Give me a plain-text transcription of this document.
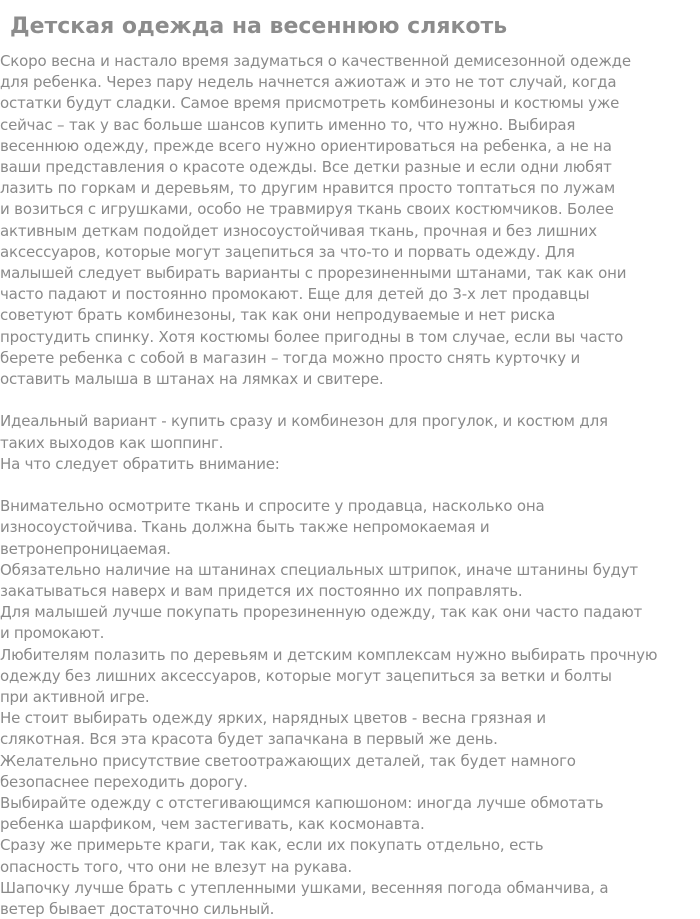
Детская одежда на весеннюю слякоть

Скоро весна и настало время задуматься о качественной демисезонной одежде
для ребенка. Через пару недель начнется ажиотаж и это не тот случай, когда
остатки будут сладки. Самое время присмотреть комбинезоны и костюмы уже
сейчас – так у вас больше шансов купить именно то, что нужно. Выбирая
весеннюю одежду, прежде всего нужно ориентироваться на ребенка, а не на
ваши представления о красоте одежды. Все детки разные и если одни любят
лазить по горкам и деревьям, то другим нравится просто топтаться по лужам
и возиться с игрушками, особо не травмируя ткань своих костюмчиков. Более
активным деткам подойдет износоустойчивая ткань, прочная и без лишних
аксессуаров, которые могут зацепиться за что-то и порвать одежду. Для
малышей следует выбирать варианты с прорезиненными штанами, так как они
часто падают и постоянно промокают. Еще для детей до 3-х лет продавцы
советуют брать комбинезоны, так как они непродуваемые и нет риска
простудить спинку. Хотя костюмы более пригодны в том случае, если вы часто
берете ребенка с собой в магазин – тогда можно просто снять курточку и
оставить малыша в штанах на лямках и свитере.

Идеальный вариант - купить сразу и комбинезон для прогулок, и костюм для
таких выходов как шоппинг.
На что следует обратить внимание:

Внимательно осмотрите ткань и спросите у продавца, насколько она
износоустойчива. Ткань должна быть также непромокаемая и
ветронепроницаемая.
Обязательно наличие на штанинах специальных штрипок, иначе штанины будут
закатываться наверх и вам придется их постоянно их поправлять.
Для малышей лучше покупать прорезиненную одежду, так как они часто падают
и промокают.
Любителям полазить по деревьям и детским комплексам нужно выбирать прочную
одежду без лишних аксессуаров, которые могут зацепиться за ветки и болты
при активной игре.
Не стоит выбирать одежду ярких, нарядных цветов - весна грязная и
слякотная. Вся эта красота будет запачкана в первый же день.
Желательно присутствие светоотражающих деталей, так будет намного
безопаснее переходить дорогу.
Выбирайте одежду с отстегивающимся капюшоном: иногда лучше обмотать
ребенка шарфиком, чем застегивать, как космонавта.
Сразу же примерьте краги, так как, если их покупать отдельно, есть
опасность того, что они не влезут на рукава.
Шапочку лучше брать с утепленными ушками, весенняя погода обманчива, а
ветер бывает достаточно сильный.
